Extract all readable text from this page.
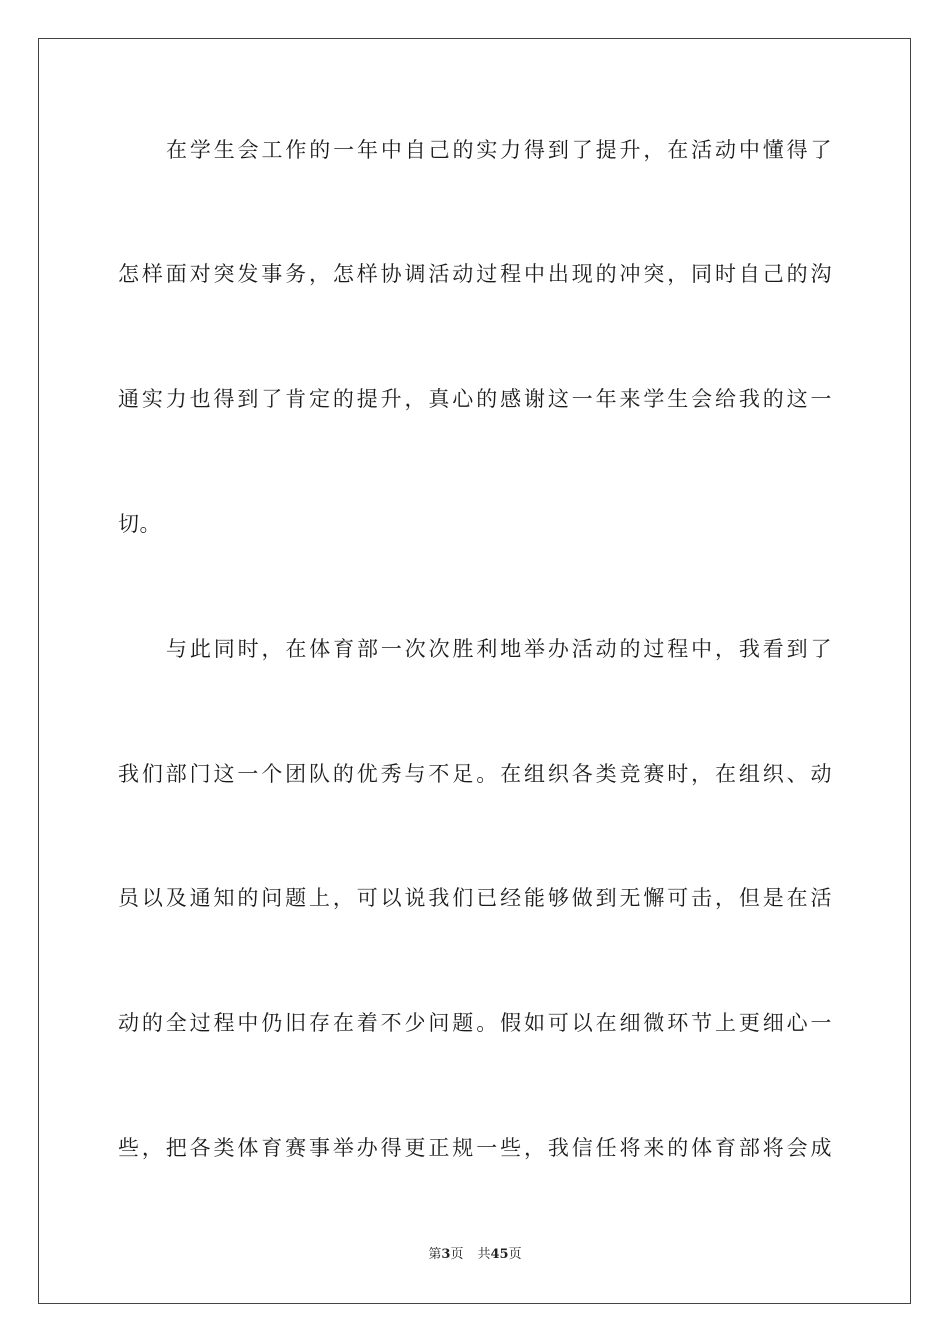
在学生会工作的一年中自己的实力得到了提升，在活动中懂得了
怎样面对突发事务，怎样协调活动过程中出现的冲突，同时自己的沟
通实力也得到了肯定的提升，真心的感谢这一年来学生会给我的这一
切。
与此同时，在体育部一次次胜利地举办活动的过程中，我看到了
我们部门这一个团队的优秀与不足。在组织各类竞赛时，在组织、动
员以及通知的问题上，可以说我们已经能够做到无懈可击，但是在活
动的全过程中仍旧存在着不少问题。假如可以在细微环节上更细心一
些，把各类体育赛事举办得更正规一些，我信任将来的体育部将会成
第3页 共45页
